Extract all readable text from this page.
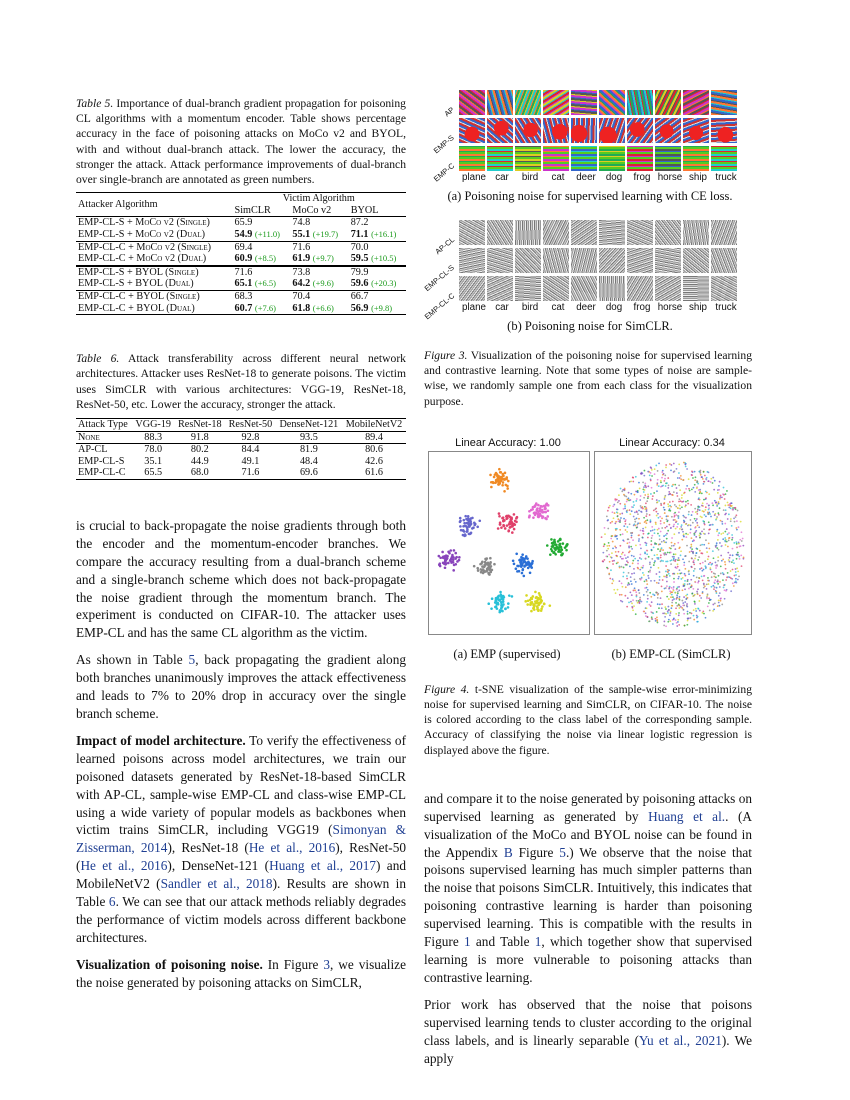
Table 5. Importance of dual-branch gradient propagation for poisoning CL algorithms with a momentum encoder. Table shows percentage accuracy in the face of poisoning attacks on MoCo v2 and BYOL, with and without dual-branch attack. The lower the accuracy, the stronger the attack. Attack performance improvements of dual-branch over single-branch are annotated as green numbers.
Attacker Algorithm	Victim Algorithm		
	SimCLR	MoCo v2	BYOL
EMP-CL-S + MoCo v2 (Single)	65.9	74.8	87.2
EMP-CL-S + MoCo v2 (Dual)	54.9 (+11.0)	55.1 (+19.7)	71.1 (+16.1)
EMP-CL-C + MoCo v2 (Single)	69.4	71.6	70.0
EMP-CL-C + MoCo v2 (Dual)	60.9 (+8.5)	61.9 (+9.7)	59.5 (+10.5)
EMP-CL-S + BYOL (Single)	71.6	73.8	79.9
EMP-CL-S + BYOL (Dual)	65.1 (+6.5)	64.2 (+9.6)	59.6 (+20.3)
EMP-CL-C + BYOL (Single)	68.3	70.4	66.7
EMP-CL-C + BYOL (Dual)	60.7 (+7.6)	61.8 (+6.6)	56.9 (+9.8)
Table 6. Attack transferability across different neural network architectures. Attacker uses ResNet-18 to generate poisons. The victim uses SimCLR with various architectures: VGG-19, ResNet-18, ResNet-50, etc. Lower the accuracy, stronger the attack.
Attack Type	VGG-19	ResNet-18	ResNet-50	DenseNet-121	MobileNetV2
None	88.3	91.8	92.8	93.5	89.4
AP-CL	78.0	80.2	84.4	81.9	80.6
EMP-CL-S	35.1	44.9	49.1	48.4	42.6
EMP-CL-C	65.5	68.0	71.6	69.6	61.6

is crucial to back-propagate the noise gradients through both the encoder and the momentum-encoder branches. We compare the accuracy resulting from a dual-branch scheme and a single-branch scheme which does not back-propagate the noise gradient through the momentum branch. The experiment is conducted on CIFAR-10. The attacker uses EMP-CL and has the same CL algorithm as the victim.

As shown in Table 5, back propagating the gradient along both branches unanimously improves the attack effectiveness and leads to 7% to 20% drop in accuracy over the single branch scheme.

Impact of model architecture. To verify the effectiveness of learned poisons across model architectures, we train our poisoned datasets generated by ResNet-18-based SimCLR with AP-CL, sample-wise EMP-CL and class-wise EMP-CL using a wide variety of popular models as backbones when victim trains SimCLR, including VGG19 (Simonyan & Zisserman, 2014), ResNet-18 (He et al., 2016), ResNet-50 (He et al., 2016), DenseNet-121 (Huang et al., 2017) and MobileNetV2 (Sandler et al., 2018). Results are shown in Table 6. We can see that our attack methods reliably degrades the performance of victim models across different backbone architectures.

Visualization of poisoning noise. In Figure 3, we visualize the noise generated by poisoning attacks on SimCLR,

AP
EMP-S
EMP-C plane car	bird	cat	deer	dog	frog horse ship truck
(a) Poisoning noise for supervised learning with CE loss.
AP-CL
EMP-CL-S
EMP-CL-C plane car	bird	cat	deer	dog	frog horse ship truck
(b) Poisoning noise for SimCLR.
Figure 3. Visualization of the poisoning noise for supervised learning and contrastive learning. Note that some types of noise are sample-wise, we randomly sample one from each class for the visualization purpose.
Linear Accuracy: 1.00	Linear Accuracy: 0.34
(a) EMP (supervised)	(b) EMP-CL (SimCLR)
Figure 4. t-SNE visualization of the sample-wise error-minimizing noise for supervised learning and SimCLR, on CIFAR-10. The noise is colored according to the class label of the corresponding sample. Accuracy of classifying the noise via linear logistic regression is displayed above the figure.

and compare it to the noise generated by poisoning attacks on supervised learning as generated by Huang et al.. (A visualization of the MoCo and BYOL noise can be found in the Appendix B Figure 5.) We observe that the noise that poisons supervised learning has much simpler patterns than the noise that poisons SimCLR. Intuitively, this indicates that poisoning contrastive learning is harder than poisoning supervised learning. This is compatible with the results in Figure 1 and Table 1, which together show that supervised learning is more vulnerable to poisoning attacks than contrastive learning.

Prior work has observed that the noise that poisons supervised learning tends to cluster according to the original class labels, and is linearly separable (Yu et al., 2021). We apply
